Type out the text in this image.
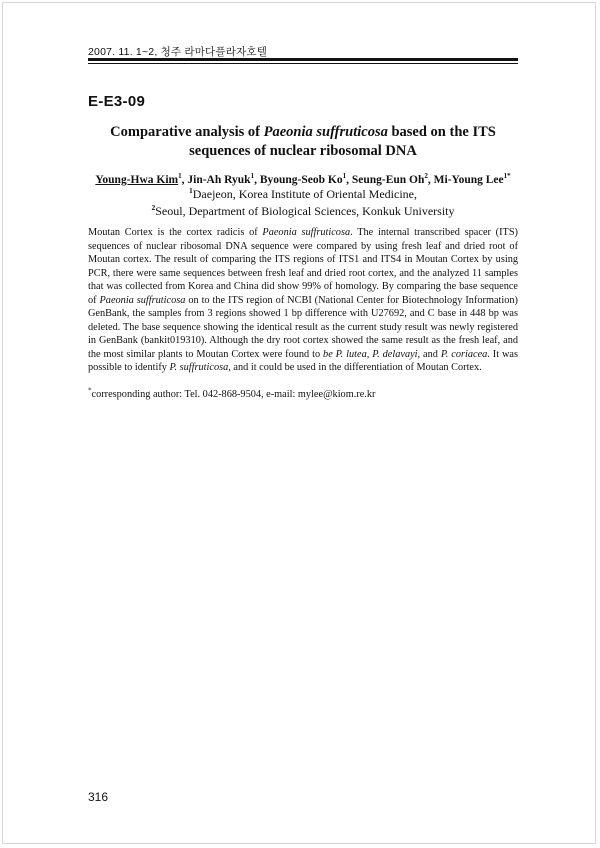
2007. 11. 1~2, 청주 라마다플라자호텔
E-E3-09
Comparative analysis of Paeonia suffruticosa based on the ITS
sequences of nuclear ribosomal DNA
Young-Hwa Kim$^1$, Jin-Ah Ryuk$^1$, Byoung-Seob Ko$^1$, Seung-Eun Oh$^2$, Mi-Young Lee$^{1*}$
$^1$Daejeon, Korea Institute of Oriental Medicine,
$^2$Seoul, Department of Biological Sciences, Konkuk University

Moutan Cortex is the cortex radicis of Paeonia suffruticosa. The internal transcribed spacer (ITS) sequences of nuclear ribosomal DNA sequence were compared by using fresh leaf and dried root of Moutan cortex. The result of comparing the ITS regions of ITS1 and ITS4 in Moutan Cortex by using PCR, there were same sequences between fresh leaf and dried root cortex, and the analyzed 11 samples that was collected from Korea and China did show 99% of homology. By comparing the base sequence of Paeonia suffruticosa on to the ITS region of NCBI (National Center for Biotechnology Information) GenBank, the samples from 3 regions showed 1 bp difference with U27692, and C base in 448 bp was deleted. The base sequence showing the identical result as the current study result was newly registered in GenBank (bankit019310). Although the dry root cortex showed the same result as the fresh leaf, and the most similar plants to Moutan Cortex were found to be P. lutea, P. delavayi, and P. coriacea. It was possible to identify P. suffruticosa, and it could be used in the differentiation of Moutan Cortex.

*corresponding author: Tel. 042-868-9504, e-mail: mylee@kiom.re.kr
316
